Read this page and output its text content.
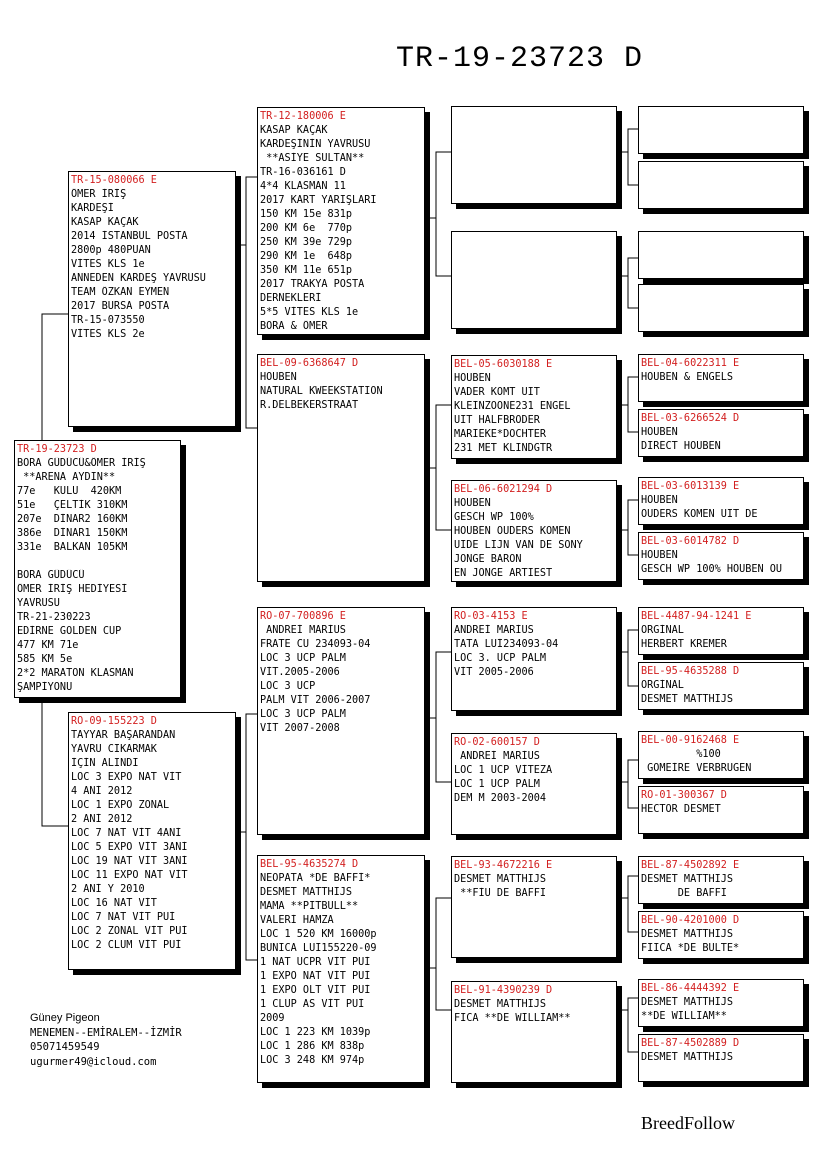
TR-19-23723 D
TR-19-23723 D
BORA GÜDÜCÜ&ÖMER İRİŞ
**ARENA AYDIN**
77e   KULU  420KM
51e   ÇELTİK 310KM
207e  DİNAR2 160KM
386e  DİNAR1 150KM
331e  BALKAN 105KM
BORA GÜDÜCÜ
ÖMER İRİŞ HEDİYESİ
YAVRUSU
TR-21-230223
EDİRNE GOLDEN CUP
477 KM 71e
585 KM 5e
2*2 MARATON KLASMAN
ŞAMPİYONU
TR-15-080066 E
ÖMER İRİŞ
KARDEŞİ
KASAP KAÇAK
2014 İSTANBUL POSTA
2800p 480PUAN
VİTES KLS 1e
ANNEDEN KARDEŞ YAVRUSU
TEAM ÖZKAN EYMEN
2017 BURSA POSTA
TR-15-073550
VİTES KLS 2e
RO-09-155223 D
TAYYAR BAŞARANDAN
YAVRU CIKARMAK
İÇİN ALINDI
LOC 3 EXPO NAT VİT
4 ANİ 2012
LOC 1 EXPO ZONAL
2 ANİ 2012
LOC 7 NAT VİT 4ANİ
LOC 5 EXPO VİT 3ANİ
LOC 19 NAT VİT 3ANİ
LOC 11 EXPO NAT VİT
2 ANİ Y 2010
LOC 16 NAT VİT
LOC 7 NAT VİT PUİ
LOC 2 ZONAL VİT PUİ
LOC 2 CLUM VİT PUİ
TR-12-180006 E
KASAP KAÇAK
KARDEŞİNİN YAVRUSU
**ASİYE SULTAN**
TR-16-036161 D
4*4 KLASMAN 11
2017 KART YARIŞLARI
150 KM 15e 831p
200 KM 6e  770p
250 KM 39e 729p
290 KM 1e  648p
350 KM 11e 651p
2017 TRAKYA POSTA
DERNEKLERİ
5*5 VİTES KLS 1e
BORA & ÖMER
BEL-09-6368647 D
HOUBEN
NATURAL KWEEKSTATION
R.DELBEKERSTRAAT
RO-07-700896 E
ANDREİ MARİUS
FRATE CU 234093-04
LOC 3 UCP PALM
VİT.2005-2006
LOC 3 UCP
PALM VİT 2006-2007
LOC 3 UCP PALM
VİT 2007-2008
BEL-95-4635274 D
NEOPATA *DE BAFFİ*
DESMET MATTHIJS
MAMA **PITBULL**
VALERİ HAMZA
LOC 1 520 KM 16000p
BUNICA LUI155220-09
1 NAT UCPR VİT PUİ
1 EXPO NAT VİT PUİ
1 EXPO OLT VİT PUİ
1 CLUP AS VİT PUİ
2009
LOC 1 223 KM 1039p
LOC 1 286 KM 838p
LOC 3 248 KM 974p
BEL-05-6030188 E
HOUBEN
VADER KOMT UIT
KLEINZOONE231 ENGEL
UIT HALFBRODER
MARIEKE*DOCHTER
231 MET KLINDGTR
BEL-06-6021294 D
HOUBEN
GESCH WP 100%
HOUBEN OUDERS KOMEN
UIDE LIJN VAN DE SONY
JONGE BARON
EN JONGE ARTIEST
RO-03-4153 E
ANDREİ MARİUS
TATA LUİ234093-04
LOC 3. UCP PALM
VİT 2005-2006
RO-02-600157 D
ANDREİ MARİUS
LOC 1 UCP VİTEZA
LOC 1 UCP PALM
DEM M 2003-2004
BEL-93-4672216 E
DESMET MATTHIJS
**FİU DE BAFFI
BEL-91-4390239 D
DESMET MATTHIJS
FICA **DE WILLIAM**
BEL-04-6022311 E
HOUBEN & ENGELS
BEL-03-6266524 D
HOUBEN
DIRECT HOUBEN
BEL-03-6013139 E
HOUBEN
OUDERS KOMEN UIT DE
BEL-03-6014782 D
HOUBEN
GESCH WP 100% HOUBEN OU
BEL-4487-94-1241 E
ORGİNAL
HERBERT KREMER
BEL-95-4635288 D
ORGİNAL
DESMET MATTHIJS
BEL-00-9162468 E
%100
GOMEİRE VERBRUGEN
RO-01-300367 D
HECTOR DESMET
BEL-87-4502892 E
DESMET MATTHIJS
DE BAFFI
BEL-90-4201000 D
DESMET MATTHIJS
FIICA *DE BULTE*
BEL-86-4444392 E
DESMET MATTHIJS
**DE WILLIAM**
BEL-87-4502889 D
DESMET MATTHIJS
Güney Pigeon
MENEMEN--EMİRALEM--İZMİR
05071459549
ugurmer49@icloud.com
BreedFollow
